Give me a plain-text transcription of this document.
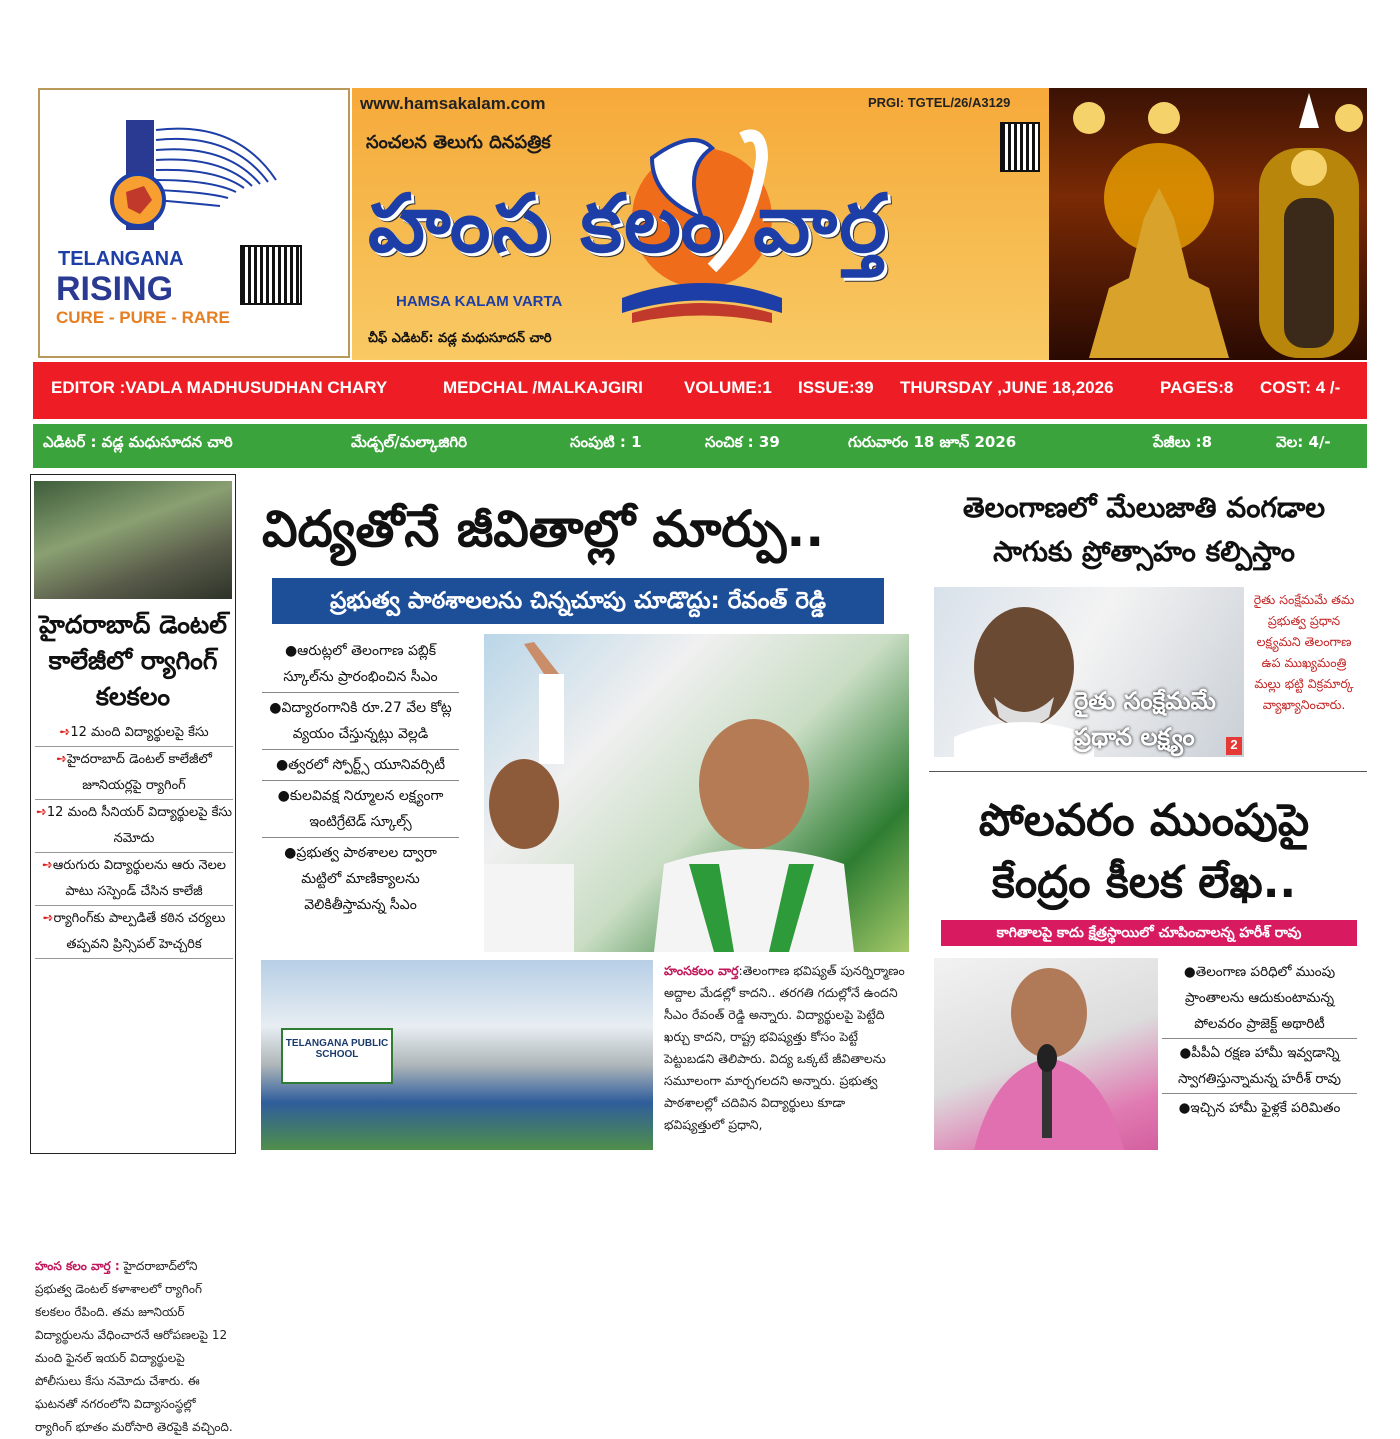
TELANGANA
RISING
CURE - PURE - RARE
www.hamsakalam.com	PRGI: TGTEL/26/A3129
సంచలన తెలుగు దినపత్రిక
హంస కలం వార్త
HAMSA KALAM VARTA
చీఫ్ ఎడిటర్: వడ్ల మధుసూదన్ చారి
EDITOR :VADLA MADHUSUDHAN CHARY	MEDCHAL /MALKAJGIRI VOLUME:1 ISSUE:39 THURSDAY ,JUNE 18,2026	PAGES:8 COST: 4 /-
ఎడిటర్ : వడ్ల మధుసూదన చారి	మేడ్చల్/మల్కాజిగిరి	సంపుటి : 1	సంచిక : 39	గురువారం 18 జూన్ 2026	పేజీలు :8	వెల: 4/-
హైదరాబాద్ డెంటల్ కాలేజీలో ర్యాగింగ్ కలకలం
➺12 మంది విద్యార్థులపై కేసు
➺హైదరాబాద్ డెంటల్ కాలేజీలో జూనియర్లపై ర్యాగింగ్
➺12 మంది సీనియర్ విద్యార్థులపై కేసు నమోదు
➺ఆరుగురు విద్యార్థులను ఆరు నెలల పాటు సస్పెండ్ చేసిన కాలేజీ
➺ర్యాగింగ్‌కు పాల్పడితే కఠిన చర్యలు తప్పవని ప్రిన్సిపల్ హెచ్చరిక
హంస కలం వార్త : హైదరాబాద్‌లోని ప్రభుత్వ డెంటల్ కళాశాలలో ర్యాగింగ్ కలకలం రేపింది. తమ జూనియర్ విద్యార్థులను వేధించారనే ఆరోపణలపై 12 మంది ఫైనల్ ఇయర్ విద్యార్థులపై పోలీసులు కేసు నమోదు చేశారు. ఈ ఘటనతో నగరంలోని విద్యాసంస్థల్లో ర్యాగింగ్ భూతం మరోసారి తెరపైకి వచ్చింది.
విద్యతోనే జీవితాల్లో మార్పు..
ప్రభుత్వ పాఠశాలలను చిన్నచూపు చూడొద్దు: రేవంత్ రెడ్డి
●ఆరుట్లలో తెలంగాణ పబ్లిక్ స్కూల్‌ను ప్రారంభించిన సీఎం
●విద్యారంగానికి రూ.27 వేల కోట్ల వ్యయం చేస్తున్నట్లు వెల్లడి
●త్వరలో స్పోర్ట్స్ యూనివర్సిటీ
●కులవివక్ష నిర్మూలన లక్ష్యంగా ఇంటిగ్రేటెడ్ స్కూల్స్
●ప్రభుత్వ పాఠశాలల ద్వారా మట్టిలో మాణిక్యాలను వెలికితీస్తామన్న సీఎం
TELANGANA PUBLIC SCHOOL
హంసకలం వార్త:తెలంగాణ భవిష్యత్ పునర్నిర్మాణం అద్దాల మేడల్లో కాదని.. తరగతి గదుల్లోనే ఉందని సీఎం రేవంత్ రెడ్డి అన్నారు. విద్యార్థులపై పెట్టేది ఖర్చు కాదని, రాష్ట్ర భవిష్యత్తు కోసం పెట్టే పెట్టుబడని తెలిపారు. విద్య ఒక్కటే జీవితాలను సమూలంగా మార్చగలదని అన్నారు. ప్రభుత్వ పాఠశాలల్లో చదివిన విద్యార్థులు కూడా భవిష్యత్తులో ప్రధాని,
తెలంగాణలో మేలుజాతి వంగడాల సాగుకు ప్రోత్సాహం కల్పిస్తాం
రైతు సంక్షేమమే ప్రధాన లక్ష్యం	2
రైతు సంక్షేమమే తమ ప్రభుత్వ ప్రధాన లక్ష్యమని తెలంగాణ ఉప ముఖ్యమంత్రి మల్లు భట్టి విక్రమార్క వ్యాఖ్యానించారు.
పోలవరం ముంపుపై కేంద్రం కీలక లేఖ..
కాగితాలపై కాదు క్షేత్రస్థాయిలో చూపించాలన్న హరీశ్ రావు
●తెలంగాణ పరిధిలో ముంపు ప్రాంతాలను ఆదుకుంటామన్న పోలవరం ప్రాజెక్ట్ అథారిటీ
●పీపీఏ రక్షణ హామీ ఇవ్వడాన్ని స్వాగతిస్తున్నామన్న హరీశ్ రావు
●ఇచ్చిన హామీ ఫైళ్లకే పరిమితం
